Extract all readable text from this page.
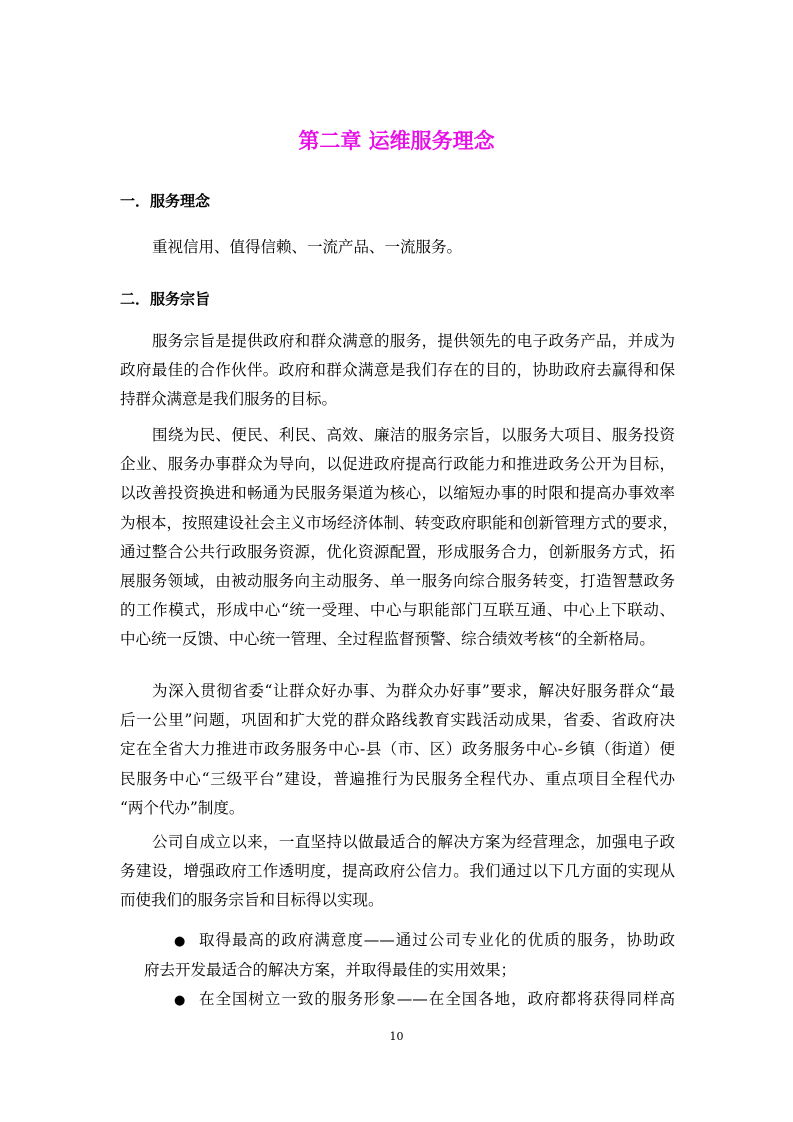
第二章 运维服务理念
一．服务理念

重视信用、值得信赖、一流产品、一流服务。

二．服务宗旨

服务宗旨是提供政府和群众满意的服务，提供领先的电子政务产品，并成为
政府最佳的合作伙伴。政府和群众满意是我们存在的目的，协助政府去赢得和保
持群众满意是我们服务的目标。

围绕为民、便民、利民、高效、廉洁的服务宗旨，以服务大项目、服务投资
企业、服务办事群众为导向，以促进政府提高行政能力和推进政务公开为目标，
以改善投资换进和畅通为民服务渠道为核心，以缩短办事的时限和提高办事效率
为根本，按照建设社会主义市场经济体制、转变政府职能和创新管理方式的要求，
通过整合公共行政服务资源，优化资源配置，形成服务合力，创新服务方式，拓
展服务领域，由被动服务向主动服务、单一服务向综合服务转变，打造智慧政务
的工作模式，形成中心“统一受理、中心与职能部门互联互通、中心上下联动、
中心统一反馈、中心统一管理、全过程监督预警、综合绩效考核“的全新格局。

为深入贯彻省委“让群众好办事、为群众办好事”要求，解决好服务群众“最
后一公里”问题，巩固和扩大党的群众路线教育实践活动成果，省委、省政府决
定在全省大力推进市政务服务中心-县（市、区）政务服务中心-乡镇（街道）便
民服务中心“三级平台”建设，普遍推行为民服务全程代办、重点项目全程代办
“两个代办”制度。

公司自成立以来，一直坚持以做最适合的解决方案为经营理念，加强电子政
务建设，增强政府工作透明度，提高政府公信力。我们通过以下几方面的实现从
而使我们的服务宗旨和目标得以实现。

● 取得最高的政府满意度——通过公司专业化的优质的服务，协助政
府去开发最适合的解决方案，并取得最佳的实用效果；
● 在全国树立一致的服务形象——在全国各地，政府都将获得同样高
10
